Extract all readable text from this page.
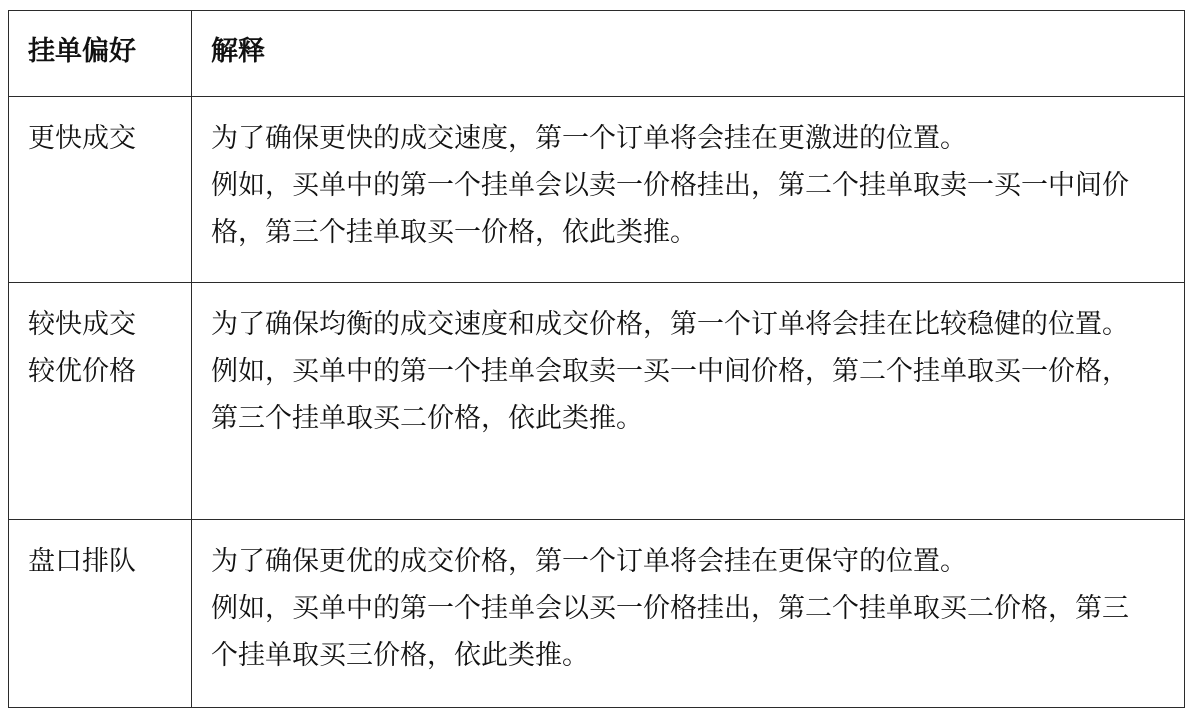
挂单偏好	解释

更快成交	为了确保更快的成交速度，第一个订单将会挂在更激进的位置。
例如，买单中的第一个挂单会以卖一价格挂出，第二个挂单取卖一买一中间价格，第三个挂单取买一价格，依此类推。

较快成交
较优价格	为了确保均衡的成交速度和成交价格，第一个订单将会挂在比较稳健的位置。
例如，买单中的第一个挂单会取卖一买一中间价格，第二个挂单取买一价格，第三个挂单取买二价格，依此类推。

盘口排队	为了确保更优的成交价格，第一个订单将会挂在更保守的位置。
例如，买单中的第一个挂单会以买一价格挂出，第二个挂单取买二价格，第三个挂单取买三价格，依此类推。
